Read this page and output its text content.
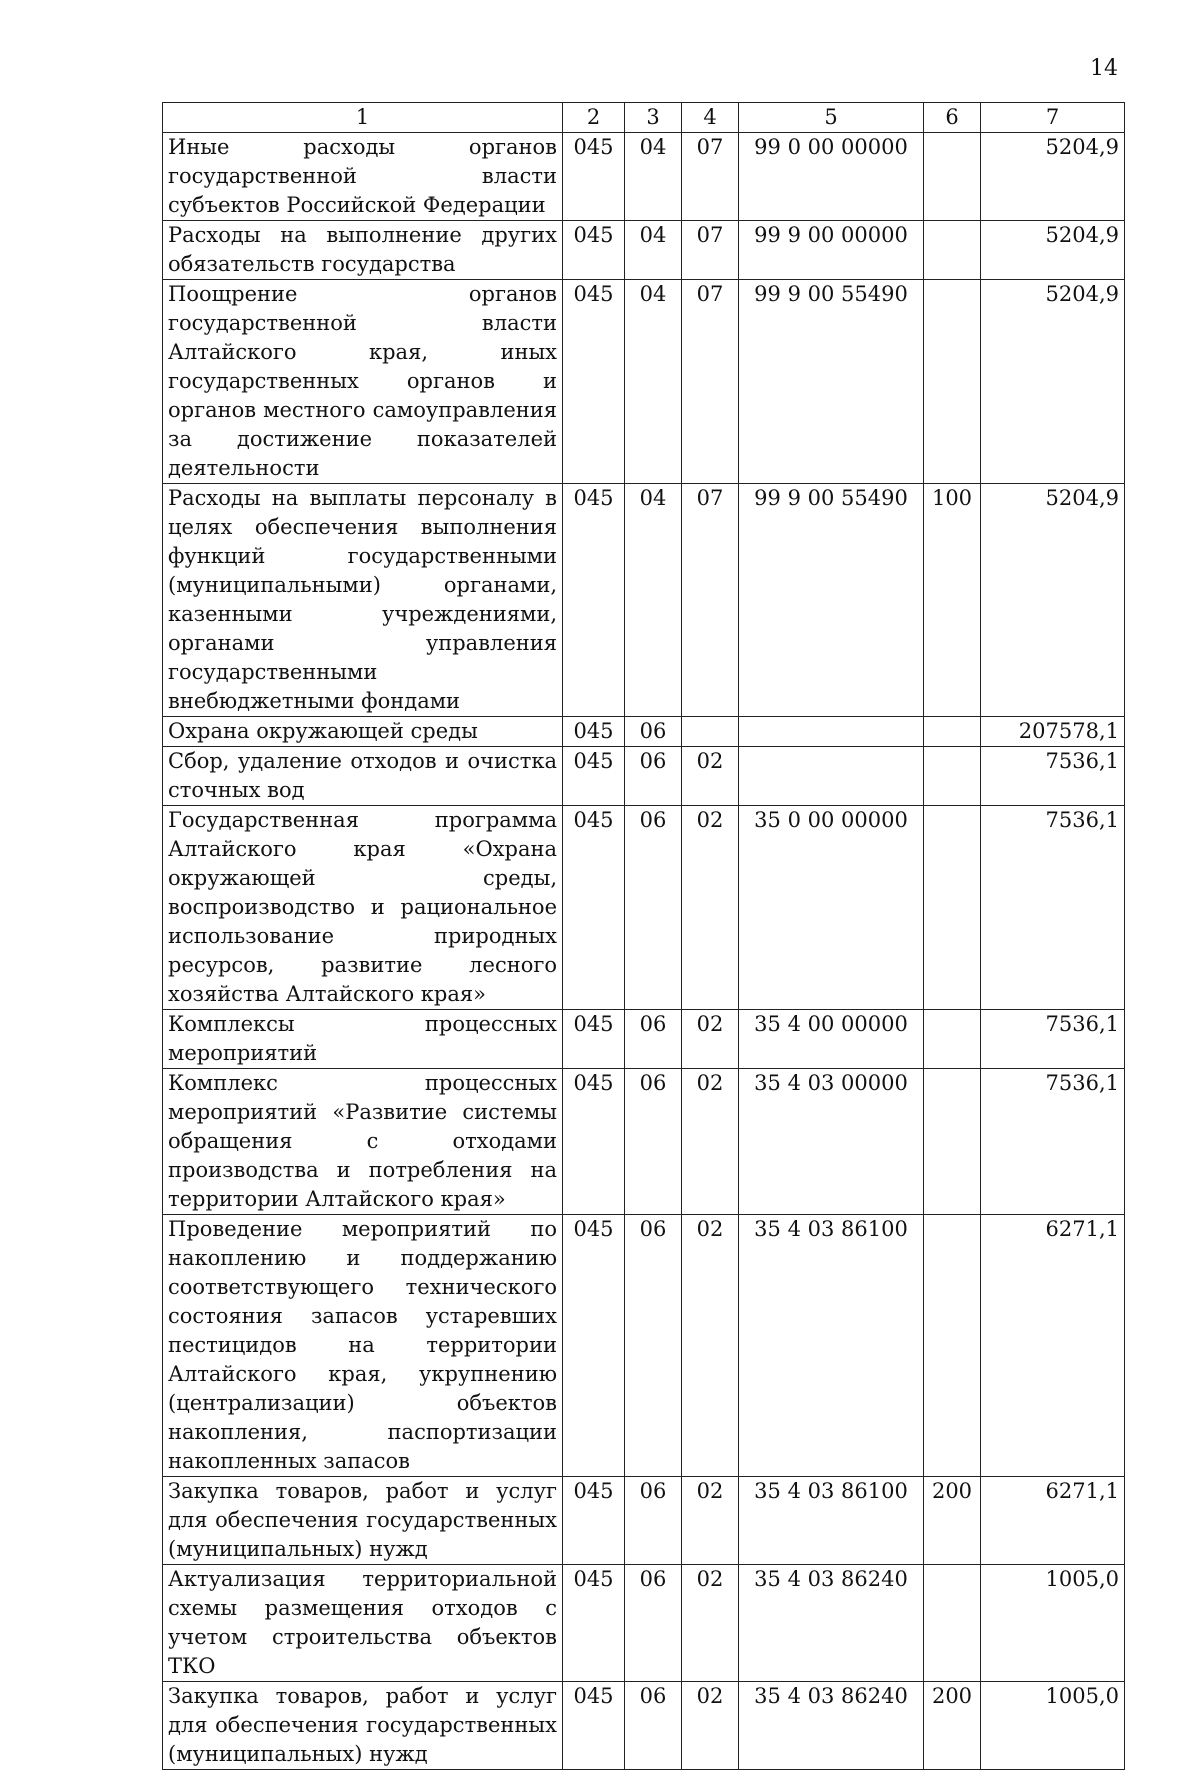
14
1	2	3	4	5	6	7
Иные расходы органов государственной власти субъектов Российской Федерации	045	04	07	99 0 00 00000		5204,9
Расходы на выполнение других обязательств государства	045	04	07	99 9 00 00000		5204,9
Поощрение органов государственной власти Алтайского края, иных государственных органов и органов местного самоуправления за достижение показателей деятельности	045	04	07	99 9 00 55490		5204,9
Расходы на выплаты персоналу в целях обеспечения выполнения функций государственными (муниципальными) органами, казенными учреждениями, органами управления государственными внебюджетными фондами	045	04	07	99 9 00 55490	100	5204,9
Охрана окружающей среды	045	06				207578,1
Сбор, удаление отходов и очистка сточных вод	045	06	02			7536,1
Государственная программа Алтайского края «Охрана окружающей среды, воспроизводство и рациональное использование природных ресурсов, развитие лесного хозяйства Алтайского края»	045	06	02	35 0 00 00000		7536,1
Комплексы процессных мероприятий	045	06	02	35 4 00 00000		7536,1
Комплекс процессных мероприятий «Развитие системы обращения с отходами производства и потребления на территории Алтайского края»	045	06	02	35 4 03 00000		7536,1
Проведение мероприятий по накоплению и поддержанию соответствующего технического состояния запасов устаревших пестицидов на территории Алтайского края, укрупнению (централизации) объектов накопления, паспортизации накопленных запасов	045	06	02	35 4 03 86100		6271,1
Закупка товаров, работ и услуг для обеспечения государственных (муниципальных) нужд	045	06	02	35 4 03 86100	200	6271,1
Актуализация территориальной схемы размещения отходов с учетом строительства объектов ТКО	045	06	02	35 4 03 86240		1005,0
Закупка товаров, работ и услуг для обеспечения государственных (муниципальных) нужд	045	06	02	35 4 03 86240	200	1005,0
